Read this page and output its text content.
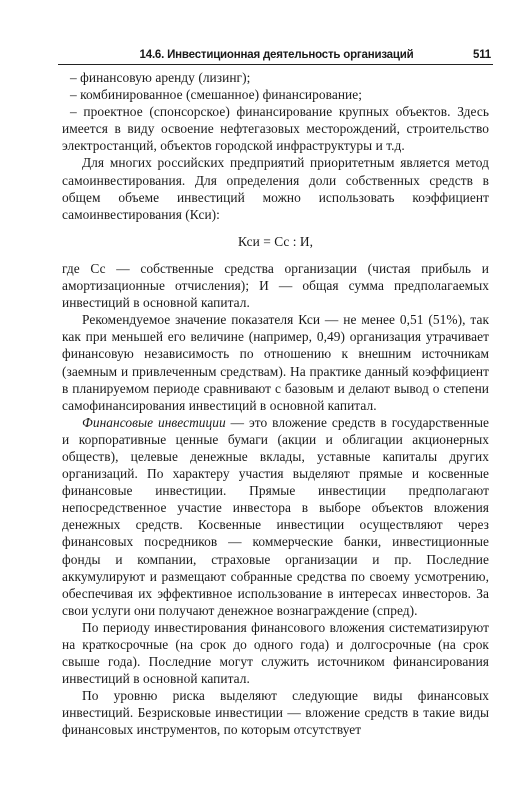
14.6. Инвестиционная деятельность организаций	511

– финансовую аренду (лизинг);

– комбинированное (смешанное) финансирование;

– проектное (спонсорское) финансирование крупных объектов. Здесь имеется в виду освоение нефтегазовых месторождений, строительство электростанций, объектов городской инфраструктуры и т.д.

Для многих российских предприятий приоритетным является метод самоинвестирования. Для определения доли собственных средств в общем объеме инвестиций можно использовать коэффициент самоинвестирования (Кси):

Кси = Сс : И,

где Сс — собственные средства организации (чистая прибыль и амортизационные отчисления); И — общая сумма предполагаемых инвестиций в основной капитал.

Рекомендуемое значение показателя Кси — не менее 0,51 (51%), так как при меньшей его величине (например, 0,49) организация утрачивает финансовую независимость по отношению к внешним источникам (заемным и привлеченным средствам). На практике данный коэффициент в планируемом периоде сравнивают с базовым и делают вывод о степени самофинансирования инвестиций в основной капитал.

Финансовые инвестиции — это вложение средств в государственные и корпоративные ценные бумаги (акции и облигации акционерных обществ), целевые денежные вклады, уставные капиталы других организаций. По характеру участия выделяют прямые и косвенные финансовые инвестиции. Прямые инвестиции предполагают непосредственное участие инвестора в выборе объектов вложения денежных средств. Косвенные инвестиции осуществляют через финансовых посредников — коммерческие банки, инвестиционные фонды и компании, страховые организации и пр. Последние аккумулируют и размещают собранные средства по своему усмотрению, обеспечивая их эффективное использование в интересах инвесторов. За свои услуги они получают денежное вознаграждение (спред).

По периоду инвестирования финансового вложения систематизируют на краткосрочные (на срок до одного года) и долгосрочные (на срок свыше года). Последние могут служить источником финансирования инвестиций в основной капитал.

По уровню риска выделяют следующие виды финансовых инвестиций. Безрисковые инвестиции — вложение средств в такие виды финансовых инструментов, по которым отсутствует
